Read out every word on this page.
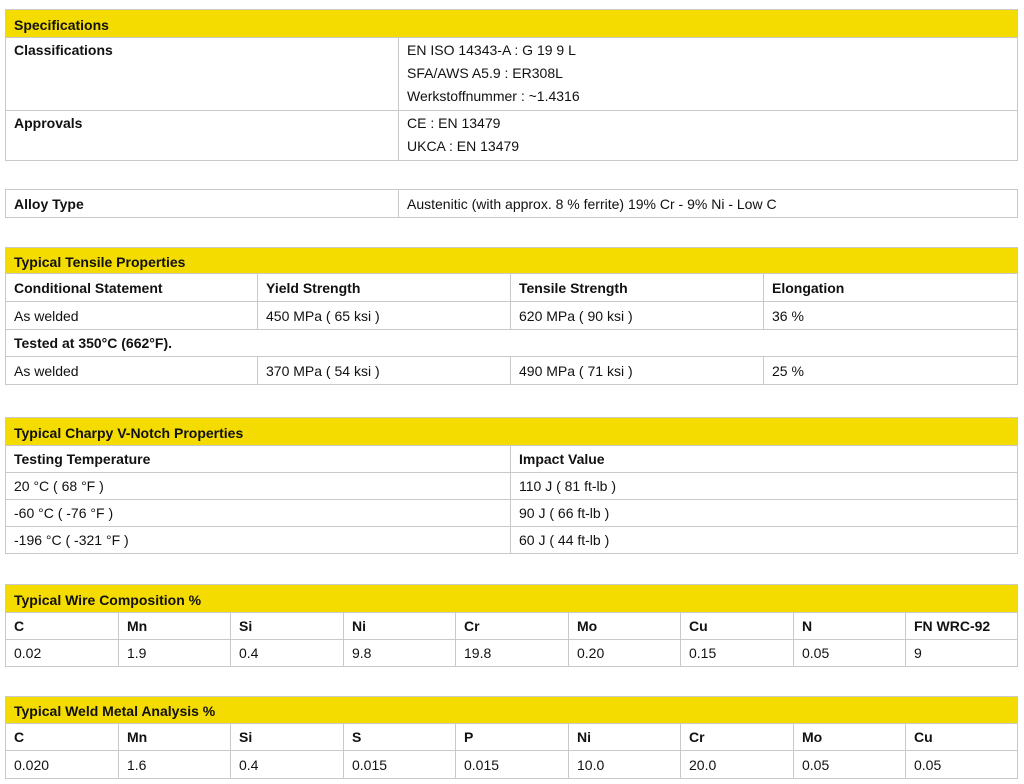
Specifications	
Classifications	EN ISO 14343-A : G 19 9 L
SFA/AWS A5.9 : ER308L
Werkstoffnummer : ~1.4316

Approvals	CE : EN 13479
UKCA : EN 13479
Alloy Type	Austenitic (with approx. 8 % ferrite) 19% Cr - 9% Ni - Low C
Typical Tensile Properties			
Conditional Statement	Yield Strength	Tensile Strength	Elongation
As welded	450 MPa ( 65 ksi )	620 MPa ( 90 ksi )	36 %
Tested at 350°C (662°F).			
As welded	370 MPa ( 54 ksi )	490 MPa ( 71 ksi )	25 %
Typical Charpy V-Notch Properties	
Testing Temperature	Impact Value
20 °C ( 68 °F )	110 J ( 81 ft-lb )
-60 °C ( -76 °F )	90 J ( 66 ft-lb )
-196 °C ( -321 °F )	60 J ( 44 ft-lb )
Typical Wire Composition %								
C	Mn	Si	Ni	Cr	Mo	Cu	N	FN WRC-92
0.02	1.9	0.4	9.8	19.8	0.20	0.15	0.05	9
Typical Weld Metal Analysis %								
C	Mn	Si	S	P	Ni	Cr	Mo	Cu
0.020	1.6	0.4	0.015	0.015	10.0	20.0	0.05	0.05
